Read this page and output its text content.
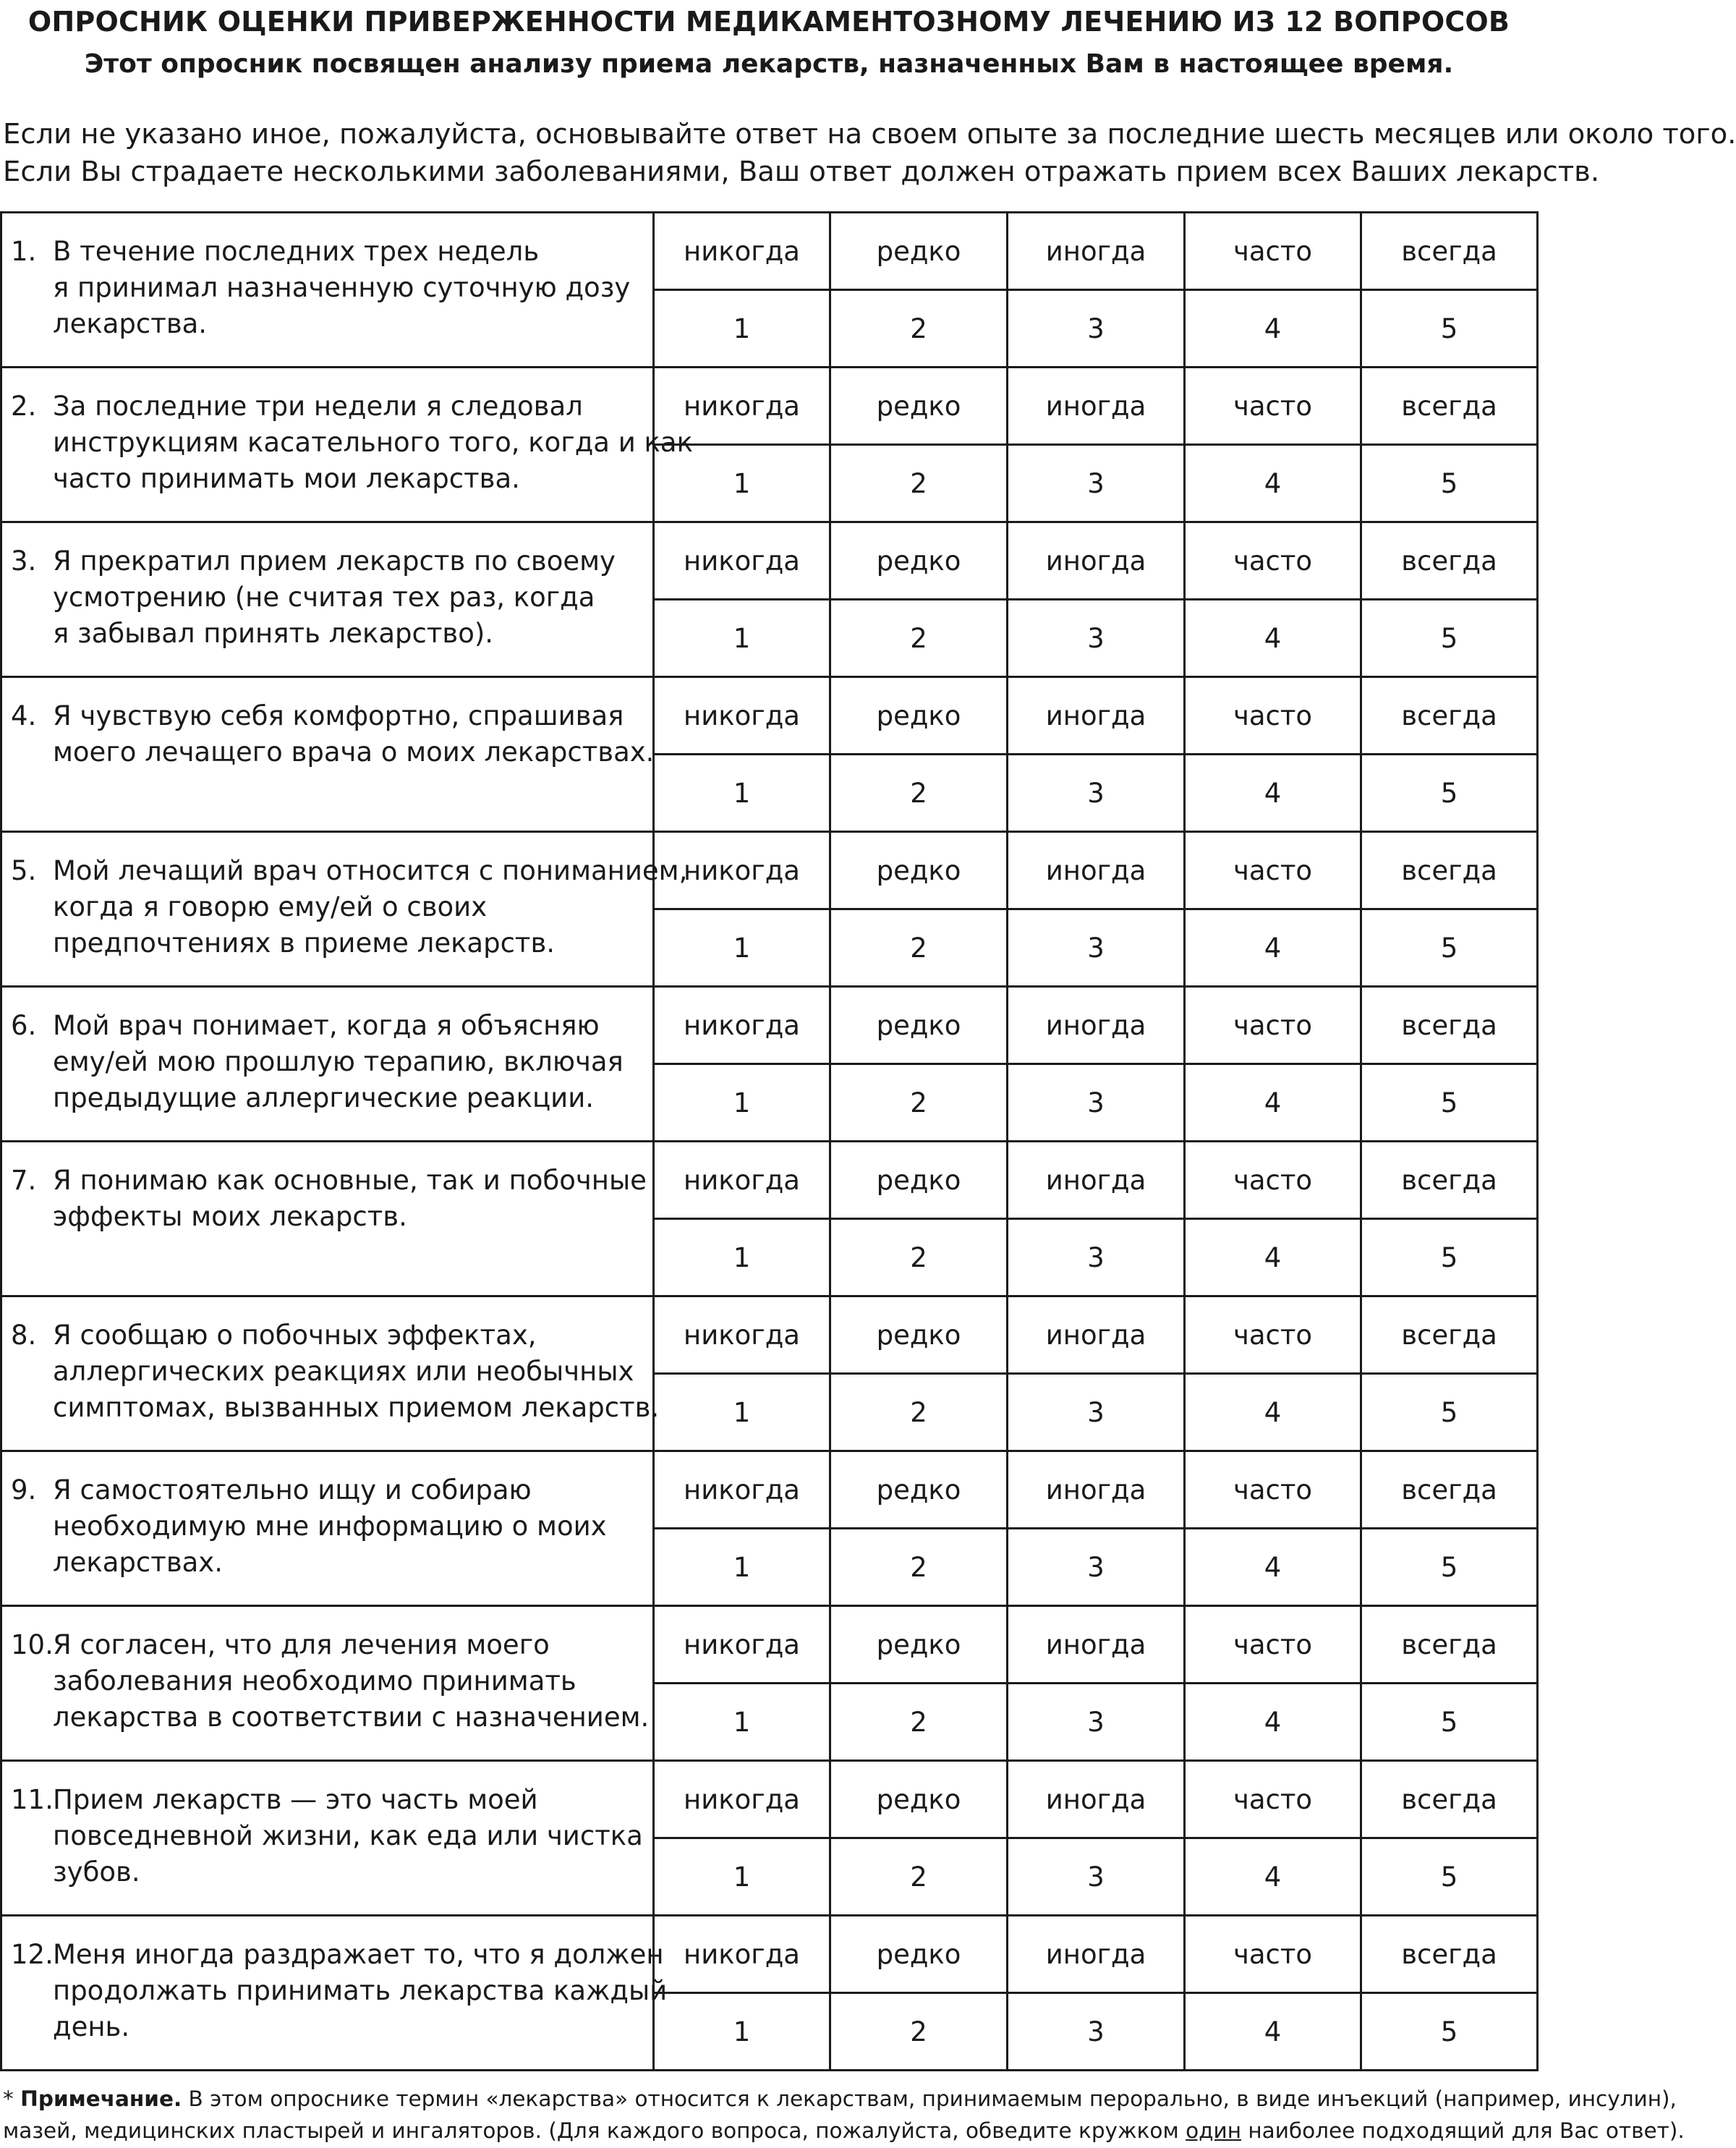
ОПРОСНИК ОЦЕНКИ ПРИВЕРЖЕННОСТИ МЕДИКАМЕНТОЗНОМУ ЛЕЧЕНИЮ ИЗ 12 ВОПРОСОВ
Этот опросник посвящен анализу приема лекарств, назначенных Вам в настоящее время.
Если не указано иное, пожалуйста, основывайте ответ на своем опыте за последние шесть месяцев или около того.
Если Вы страдаете несколькими заболеваниями, Ваш ответ должен отражать прием всех Ваших лекарств.
1. В течение последних трех недель
я принимал назначенную суточную дозу
лекарства.	никогда	редко	иногда	часто	всегда
	1	2	3	4	5

2. За последние три недели я следовал
инструкциям касательного того, когда и как
часто принимать мои лекарства.	никогда	редко	иногда	часто	всегда
	1	2	3	4	5

3. Я прекратил прием лекарств по своему
усмотрению (не считая тех раз, когда
я забывал принять лекарство).	никогда	редко	иногда	часто	всегда
	1	2	3	4	5

4. Я чувствую себя комфортно, спрашивая
моего лечащего врача о моих лекарствах.	никогда	редко	иногда	часто	всегда
	1	2	3	4	5

5. Мой лечащий врач относится с пониманием,
когда я говорю ему/ей о своих
предпочтениях в приеме лекарств.	никогда	редко	иногда	часто	всегда
	1	2	3	4	5

6. Мой врач понимает, когда я объясняю
ему/ей мою прошлую терапию, включая
предыдущие аллергические реакции.	никогда	редко	иногда	часто	всегда
	1	2	3	4	5

7. Я понимаю как основные, так и побочные
эффекты моих лекарств.	никогда	редко	иногда	часто	всегда
	1	2	3	4	5

8. Я сообщаю о побочных эффектах,
аллергических реакциях или необычных
симптомах, вызванных приемом лекарств.	никогда	редко	иногда	часто	всегда
	1	2	3	4	5

9. Я самостоятельно ищу и собираю
необходимую мне информацию о моих
лекарствах.	никогда	редко	иногда	часто	всегда
	1	2	3	4	5

10. Я согласен, что для лечения моего
заболевания необходимо принимать
лекарства в соответствии с назначением.	никогда	редко	иногда	часто	всегда
	1	2	3	4	5

11. Прием лекарств — это часть моей
повседневной жизни, как еда или чистка
зубов.	никогда	редко	иногда	часто	всегда
	1	2	3	4	5

12. Меня иногда раздражает то, что я должен
продолжать принимать лекарства каждый
день.	никогда	редко	иногда	часто	всегда
	1	2	3	4	5
* Примечание. В этом опроснике термин «лекарства» относится к лекарствам, принимаемым перорально, в виде инъекций (например, инсулин),
мазей, медицинских пластырей и ингаляторов. (Для каждого вопроса, пожалуйста, обведите кружком один наиболее подходящий для Вас ответ).
